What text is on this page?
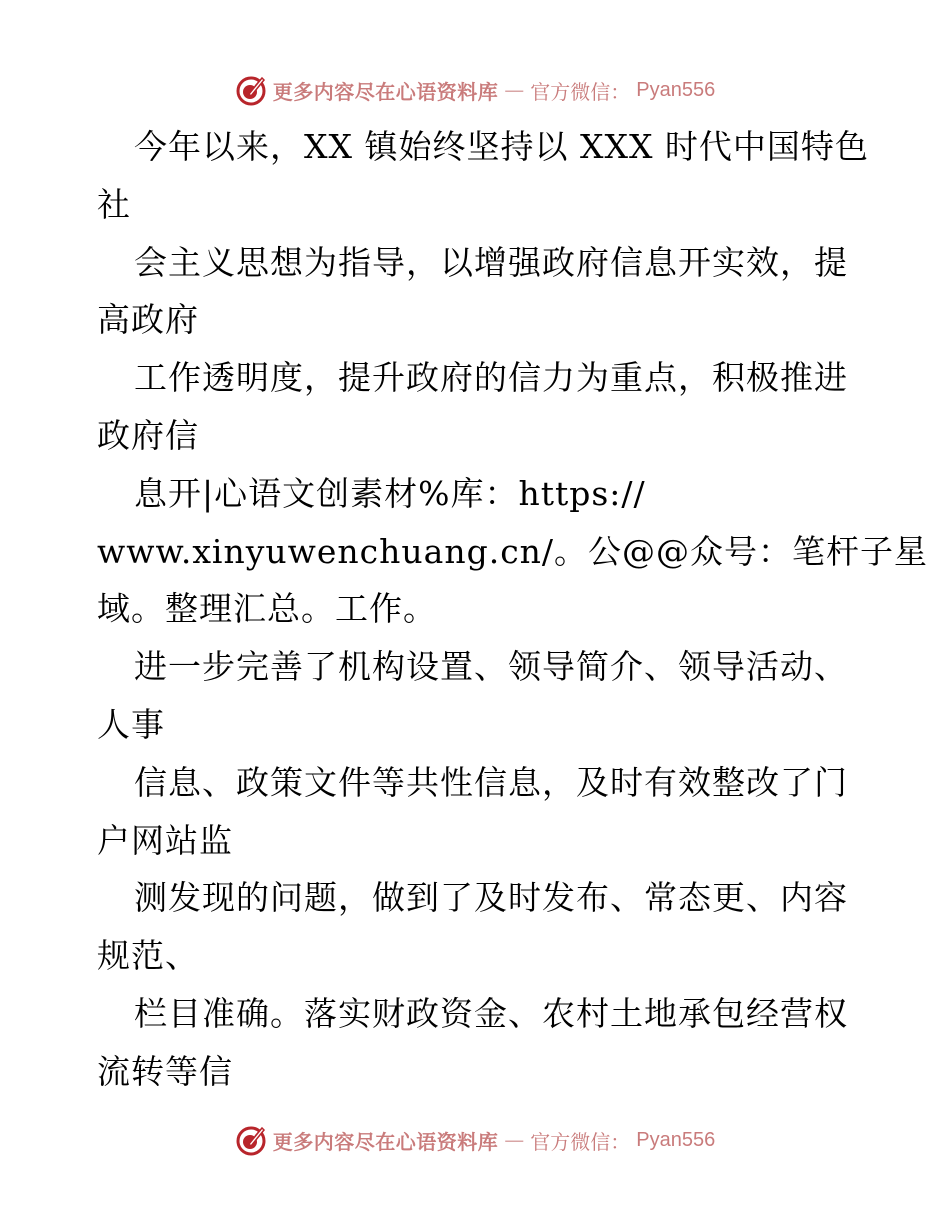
更多内容尽在心语资料库 — 官方微信： Pyan556
今年以来，XX 镇始终坚持以 XXX 时代中国特色
社
会主义思想为指导，以增强政府信息开实效，提
高政府
工作透明度，提升政府的信力为重点，积极推进
政府信
息开|心语文创素材%库：https://
www.xinyuwenchuang.cn/。公@@众号：笔杆子星
域。整理汇总。工作。
进一步完善了机构设置、领导简介、领导活动、
人事
信息、政策文件等共性信息，及时有效整改了门
户网站监
测发现的问题，做到了及时发布、常态更、内容
规范、
栏目准确。落实财政资金、农村土地承包经营权
流转等信
更多内容尽在心语资料库 — 官方微信： Pyan556
